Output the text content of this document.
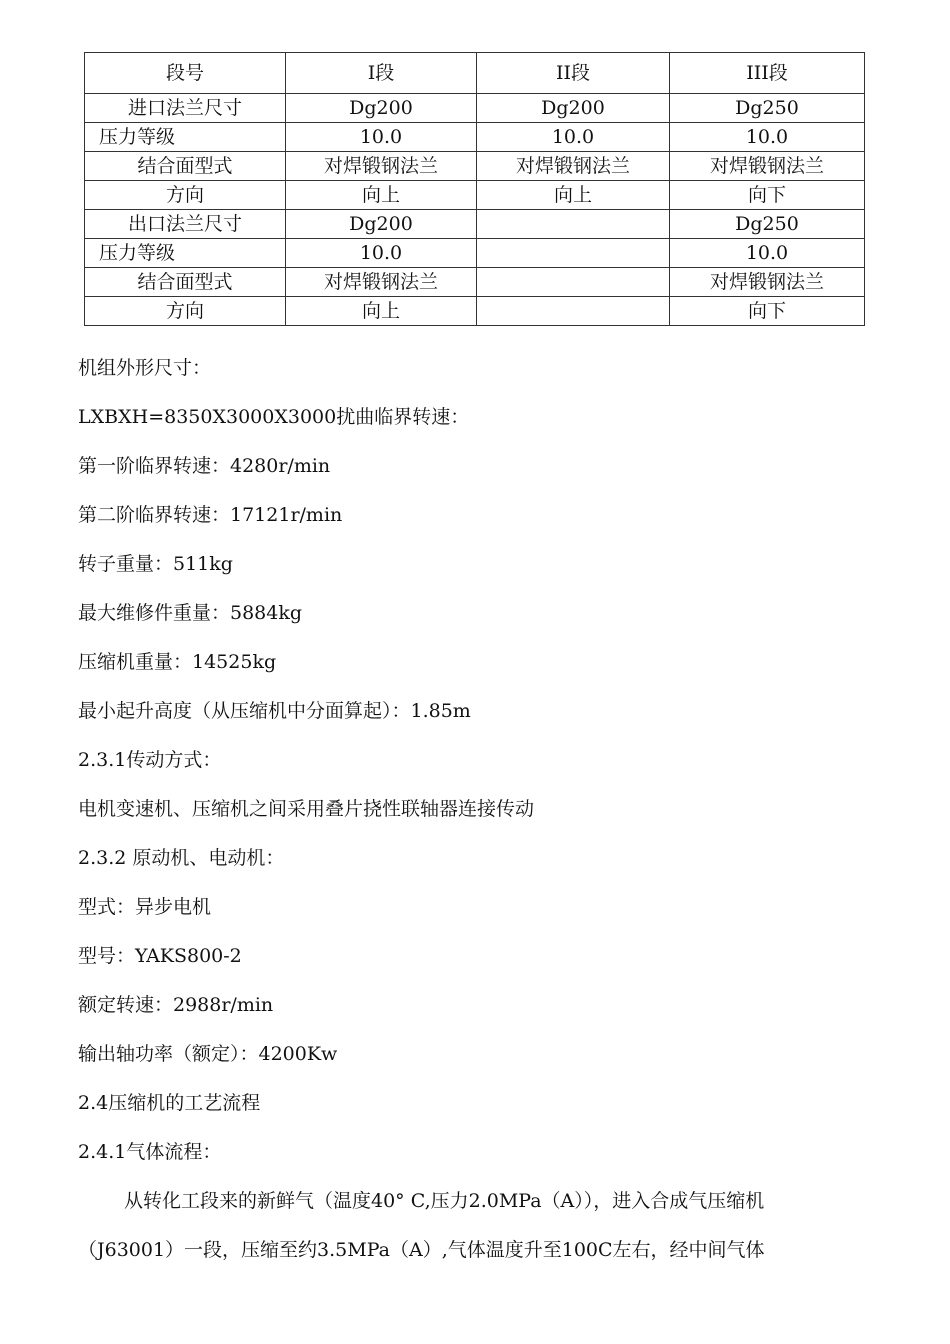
段号	I段	II段	III段
进口法兰尺寸	Dg200	Dg200	Dg250
压力等级	10.0	10.0	10.0
结合面型式	对焊锻钢法兰	对焊锻钢法兰	对焊锻钢法兰
方向	向上	向上	向下
出口法兰尺寸	Dg200		Dg250
压力等级	10.0		10.0
结合面型式	对焊锻钢法兰		对焊锻钢法兰
方向	向上		向下

机组外形尺寸：

LXBXH=8350X3000X3000扰曲临界转速：

第一阶临界转速：4280r/min

第二阶临界转速：17121r/min

转子重量：511kg

最大维修件重量：5884kg

压缩机重量：14525kg

最小起升高度（从压缩机中分面算起）：1.85m

2.3.1传动方式：

电机变速机、压缩机之间采用叠片挠性联轴器连接传动

2.3.2 原动机、电动机：

型式：异步电机

型号：YAKS800-2

额定转速：2988r/min

输出轴功率（额定）：4200Kw

2.4压缩机的工艺流程

2.4.1气体流程：

从转化工段来的新鲜气（温度40° C,压力2.0MPa（A）），进入合成气压缩机

（J63001）一段，压缩至约3.5MPa（A）,气体温度升至100C左右，经中间气体
